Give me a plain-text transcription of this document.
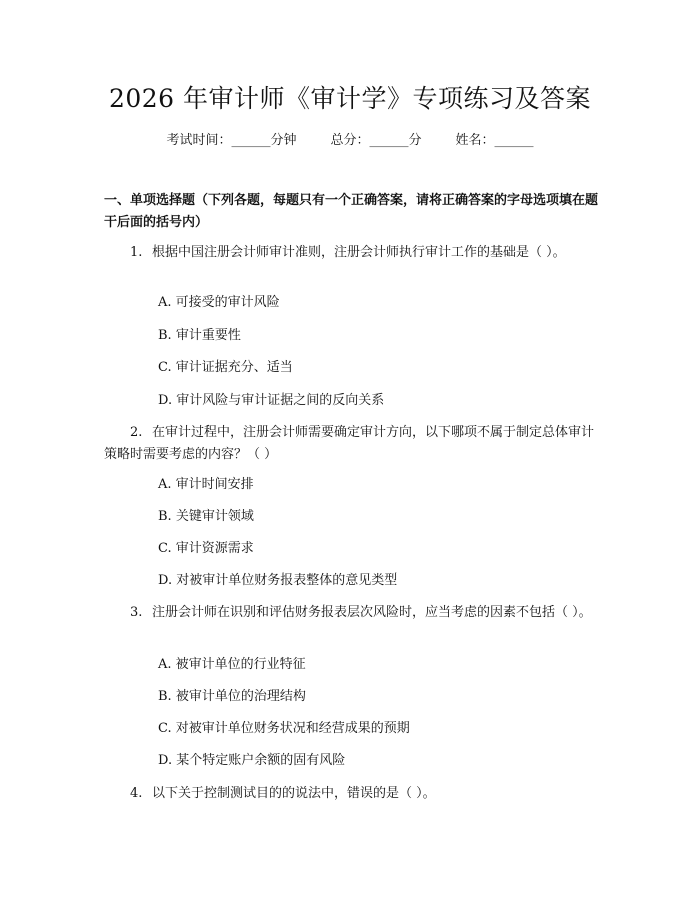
2026 年审计师《审计学》专项练习及答案
考试时间：______分钟	总分：______分	姓名：______
一、单项选择题（下列各题，每题只有一个正确答案，请将正确答案的字母选项填在题干后面的括号内）
1. 根据中国注册会计师审计准则，注册会计师执行审计工作的基础是（ ）。
A. 可接受的审计风险
B. 审计重要性
C. 审计证据充分、适当
D. 审计风险与审计证据之间的反向关系
2. 在审计过程中，注册会计师需要确定审计方向，以下哪项不属于制定总体审计策略时需要考虑的内容？（ ）
A. 审计时间安排
B. 关键审计领域
C. 审计资源需求
D. 对被审计单位财务报表整体的意见类型
3. 注册会计师在识别和评估财务报表层次风险时，应当考虑的因素不包括（ ）。
A. 被审计单位的行业特征
B. 被审计单位的治理结构
C. 对被审计单位财务状况和经营成果的预期
D. 某个特定账户余额的固有风险
4. 以下关于控制测试目的的说法中，错误的是（ ）。
